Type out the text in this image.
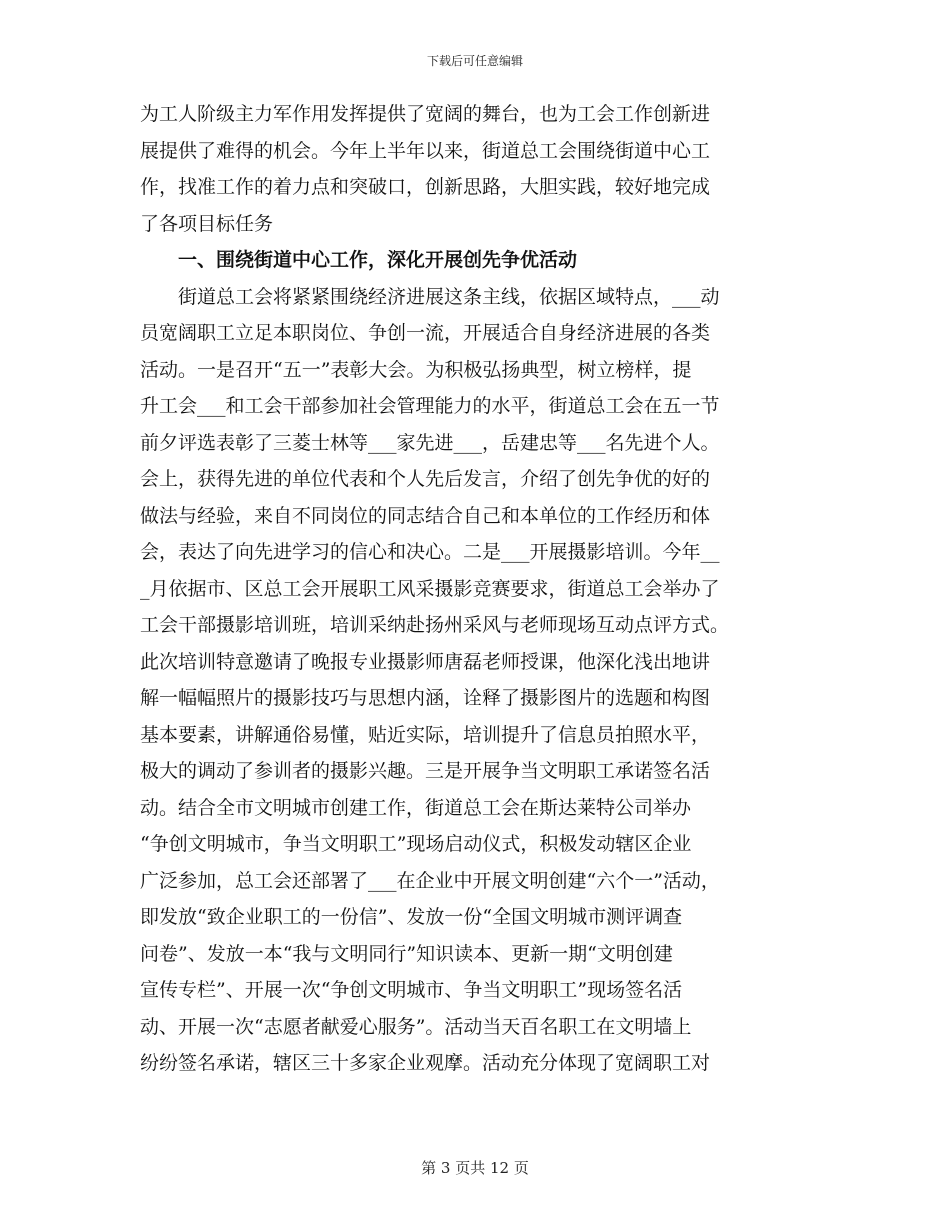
下载后可任意编辑
为工人阶级主力军作用发挥提供了宽阔的舞台，也为工会工作创新进
展提供了难得的机会。今年上半年以来，街道总工会围绕街道中心工
作，找准工作的着力点和突破口，创新思路，大胆实践，较好地完成
了各项目标任务
一、围绕街道中心工作，深化开展创先争优活动
街道总工会将紧紧围绕经济进展这条主线，依据区域特点，___动
员宽阔职工立足本职岗位、争创一流，开展适合自身经济进展的各类
活动。一是召开“五一”表彰大会。为积极弘扬典型，树立榜样，提
升工会___和工会干部参加社会管理能力的水平，街道总工会在五一节
前夕评选表彰了三菱士林等___家先进___，岳建忠等___名先进个人。
会上，获得先进的单位代表和个人先后发言，介绍了创先争优的好的
做法与经验，来自不同岗位的同志结合自己和本单位的工作经历和体
会，表达了向先进学习的信心和决心。二是___开展摄影培训。今年__
_月依据市、区总工会开展职工风采摄影竞赛要求，街道总工会举办了
工会干部摄影培训班，培训采纳赴扬州采风与老师现场互动点评方式。
此次培训特意邀请了晚报专业摄影师唐磊老师授课，他深化浅出地讲
解一幅幅照片的摄影技巧与思想内涵，诠释了摄影图片的选题和构图
基本要素，讲解通俗易懂，贴近实际，培训提升了信息员拍照水平，
极大的调动了参训者的摄影兴趣。三是开展争当文明职工承诺签名活
动。结合全市文明城市创建工作，街道总工会在斯达莱特公司举办
“争创文明城市，争当文明职工”现场启动仪式，积极发动辖区企业
广泛参加，总工会还部署了___在企业中开展文明创建“六个一”活动，
即发放“致企业职工的一份信”、发放一份“全国文明城市测评调查
问卷”、发放一本“我与文明同行”知识读本、更新一期“文明创建
宣传专栏”、开展一次“争创文明城市、争当文明职工”现场签名活
动、开展一次“志愿者献爱心服务”。活动当天百名职工在文明墙上
纷纷签名承诺，辖区三十多家企业观摩。活动充分体现了宽阔职工对
第 3 页共 12 页
